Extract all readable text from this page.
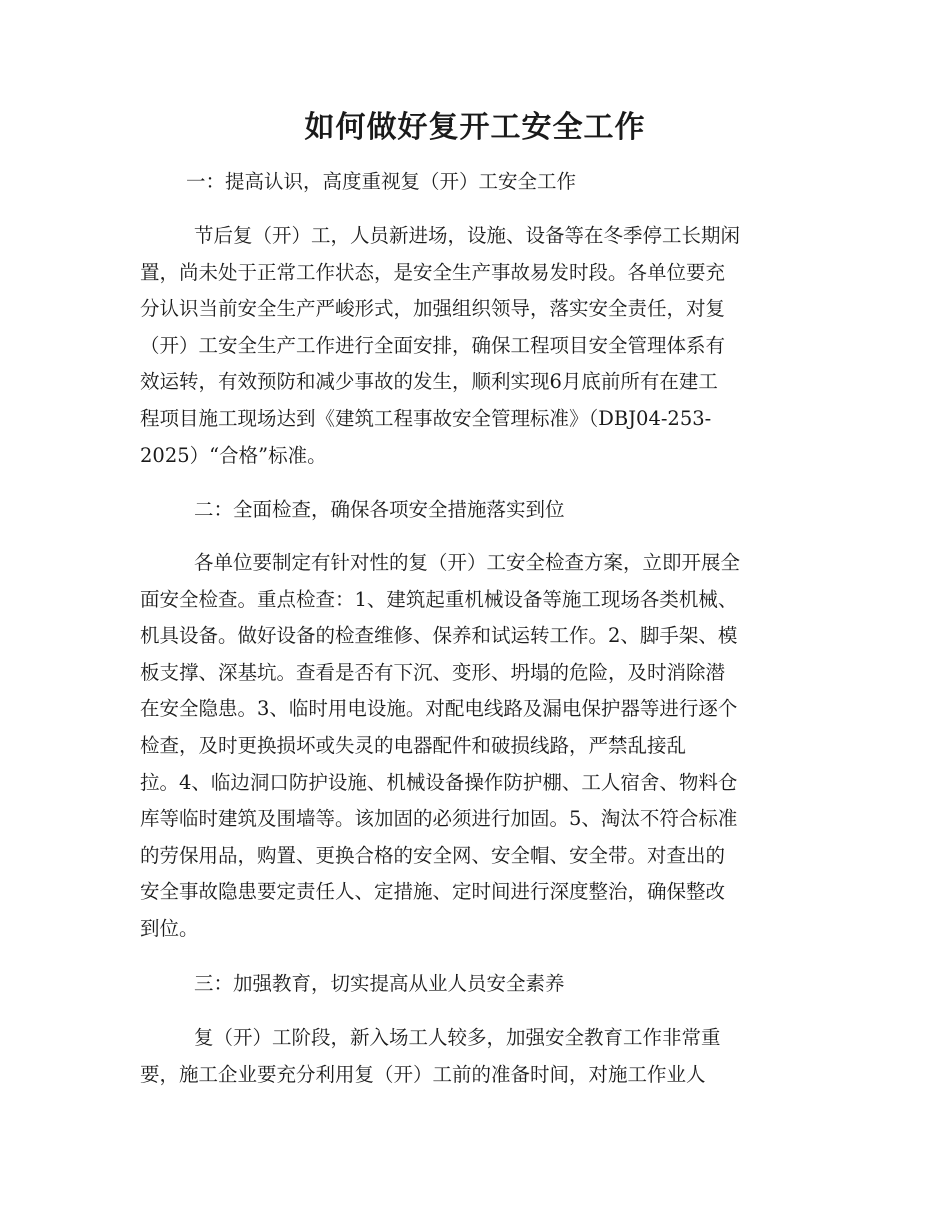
如何做好复开工安全工作
一：提高认识，高度重视复（开）工安全工作
节后复（开）工，人员新进场，设施、设备等在冬季停工长期闲
置，尚未处于正常工作状态，是安全生产事故易发时段。各单位要充
分认识当前安全生产严峻形式，加强组织领导，落实安全责任，对复
（开）工安全生产工作进行全面安排，确保工程项目安全管理体系有
效运转，有效预防和减少事故的发生，顺利实现6月底前所有在建工
程项目施工现场达到《建筑工程事故安全管理标准》（DBJ04-253-
2025）“合格”标准。
二：全面检查，确保各项安全措施落实到位
各单位要制定有针对性的复（开）工安全检查方案，立即开展全
面安全检查。重点检查：1、建筑起重机械设备等施工现场各类机械、
机具设备。做好设备的检查维修、保养和试运转工作。2、脚手架、模
板支撑、深基坑。查看是否有下沉、变形、坍塌的危险，及时消除潜
在安全隐患。3、临时用电设施。对配电线路及漏电保护器等进行逐个
检查，及时更换损坏或失灵的电器配件和破损线路，严禁乱接乱
拉。4、临边洞口防护设施、机械设备操作防护棚、工人宿舍、物料仓
库等临时建筑及围墙等。该加固的必须进行加固。5、淘汰不符合标准
的劳保用品，购置、更换合格的安全网、安全帽、安全带。对查出的
安全事故隐患要定责任人、定措施、定时间进行深度整治，确保整改
到位。
三：加强教育，切实提高从业人员安全素养
复（开）工阶段，新入场工人较多，加强安全教育工作非常重
要，施工企业要充分利用复（开）工前的准备时间，对施工作业人
